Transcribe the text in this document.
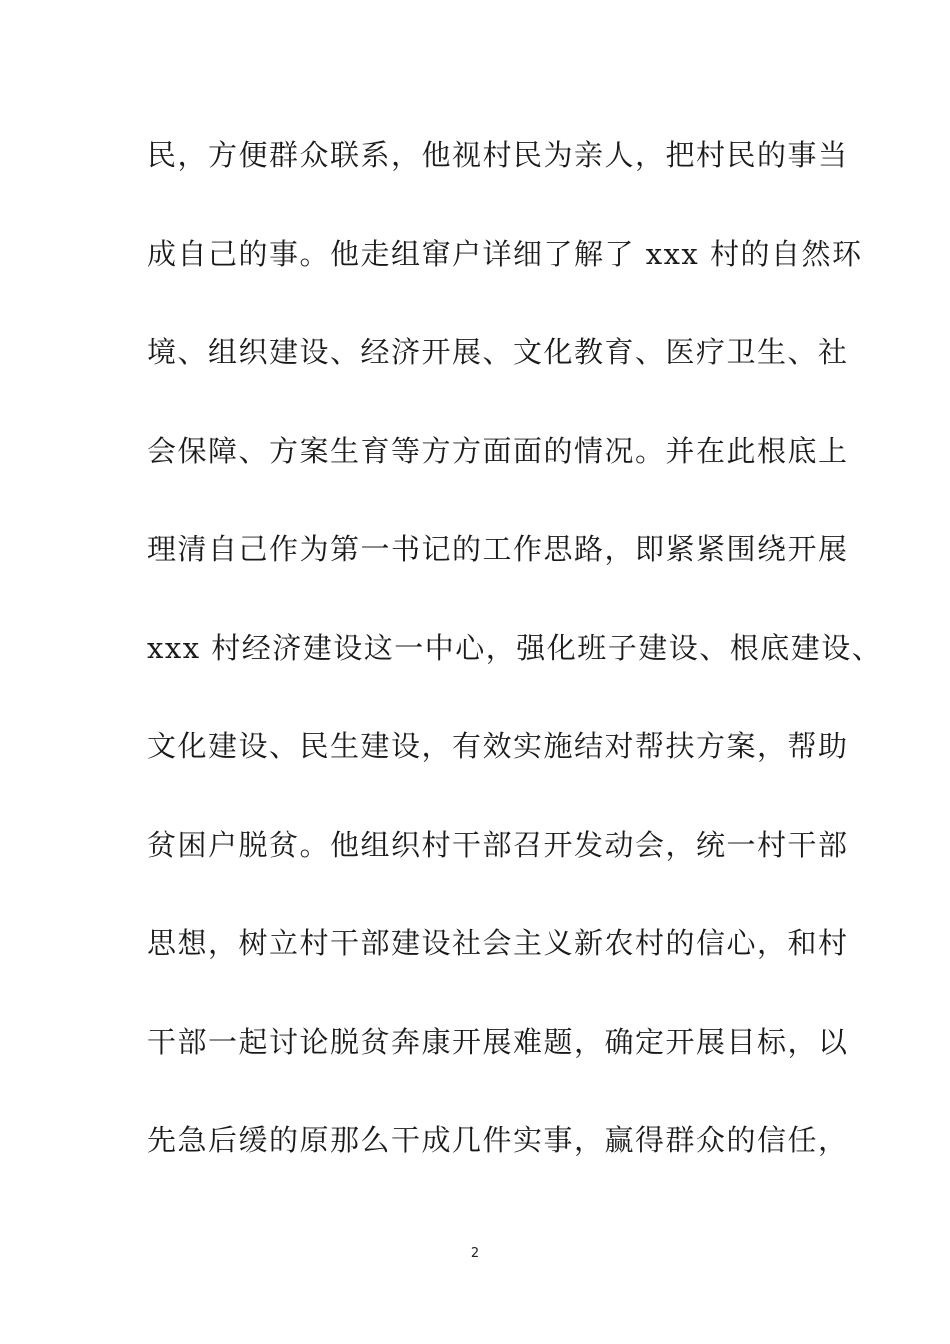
民，方便群众联系，他视村民为亲人，把村民的事当
成自己的事。他走组窜户详细了解了 xxx 村的自然环
境、组织建设、经济开展、文化教育、医疗卫生、社
会保障、方案生育等方方面面的情况。并在此根底上
理清自己作为第一书记的工作思路，即紧紧围绕开展
xxx 村经济建设这一中心，强化班子建设、根底建设、
文化建设、民生建设，有效实施结对帮扶方案，帮助
贫困户脱贫。他组织村干部召开发动会，统一村干部
思想，树立村干部建设社会主义新农村的信心，和村
干部一起讨论脱贫奔康开展难题，确定开展目标，以
先急后缓的原那么干成几件实事，赢得群众的信任，
2
